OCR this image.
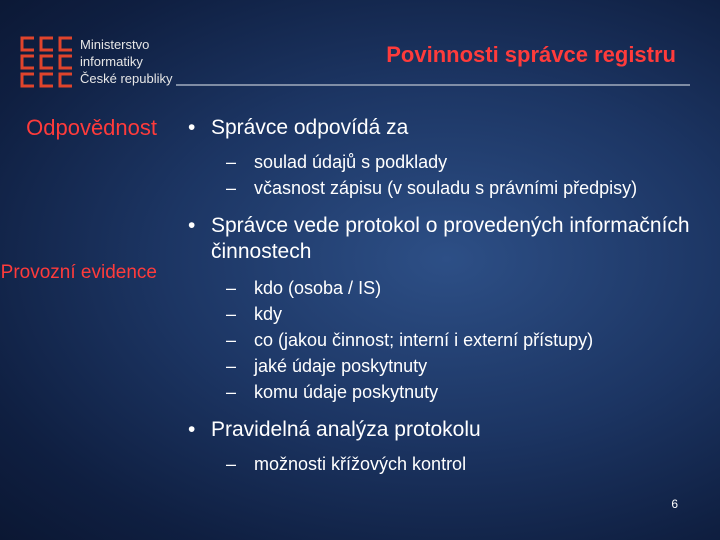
Ministerstvo
informatiky
České republiky
Povinnosti správce registru
Odpovědnost
Provozní evidence
• Správce odpovídá za
– soulad údajů s podklady
– včasnost zápisu (v souladu s právními předpisy)
• Správce vede protokol o provedených informačních činnostech
– kdo (osoba / IS)
– kdy
– co (jakou činnost; interní i externí přístupy)
– jaké údaje poskytnuty
– komu údaje poskytnuty
• Pravidelná analýza protokolu
– možnosti křížových kontrol
6
